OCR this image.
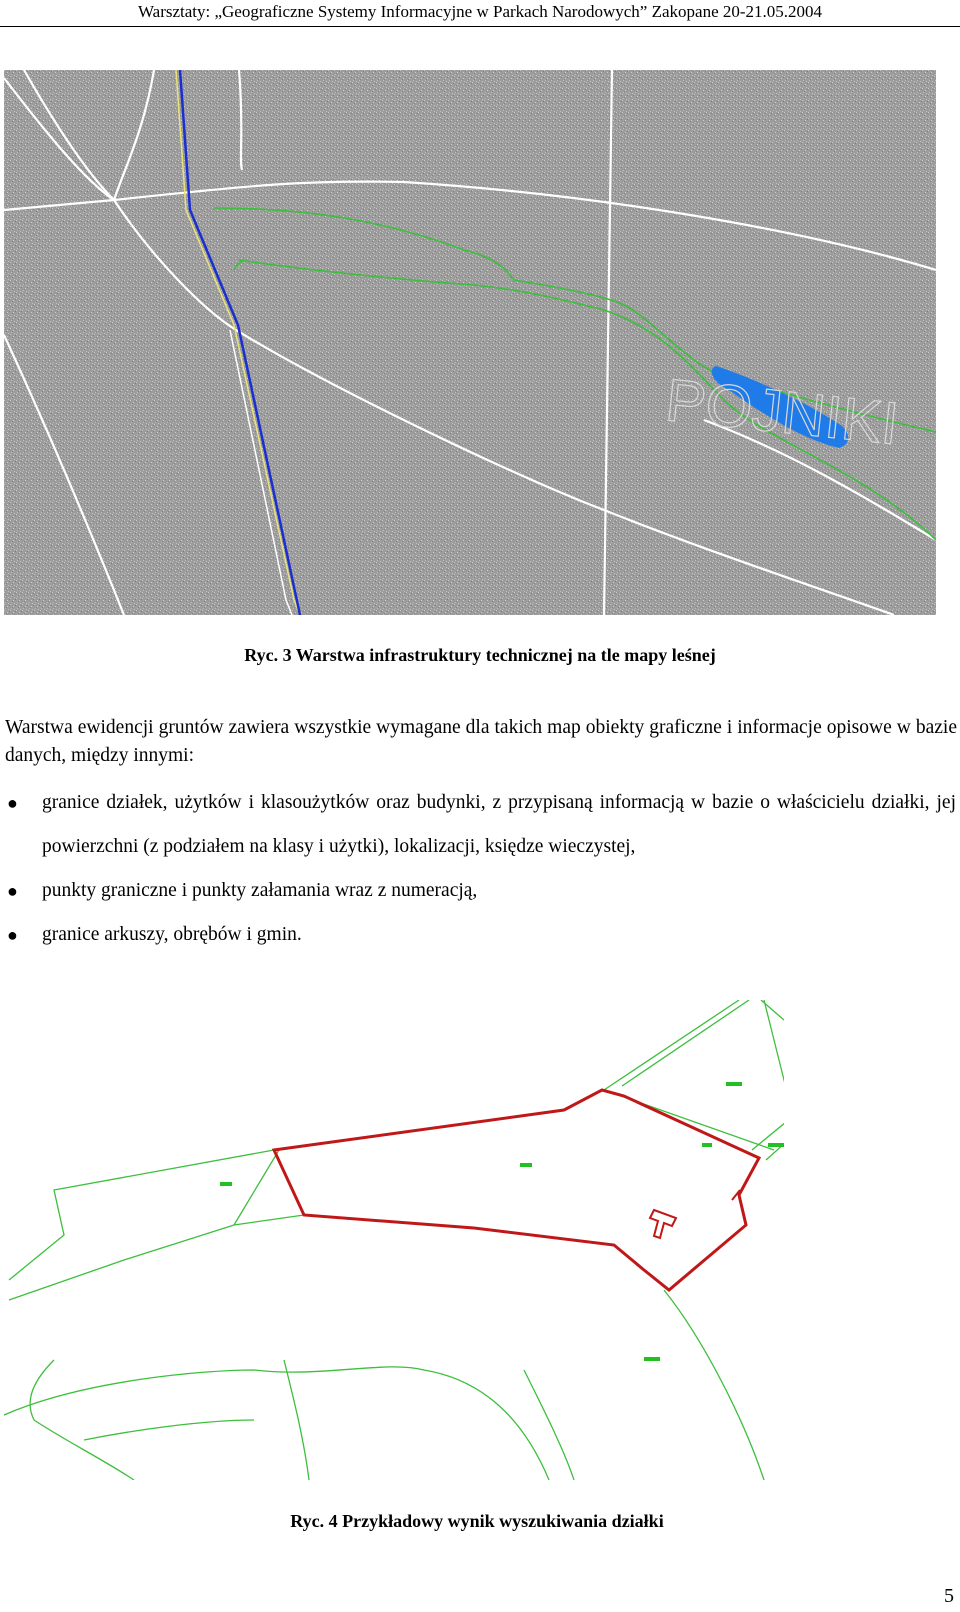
Warsztaty: „Geograficzne Systemy Informacyjne w Parkach Narodowych” Zakopane 20-21.05.2004
POJNIKI
Ryc. 3 Warstwa infrastruktury technicznej na tle mapy leśnej

Warstwa ewidencji gruntów zawiera wszystkie wymagane dla takich map obiekty graficzne i informacje opisowe w bazie danych, między innymi:

● granice działek, użytków i klasoużytków oraz budynki, z przypisaną informacją w bazie o właścicielu działki, jej powierzchni (z podziałem na klasy i użytki), lokalizacji, księdze wieczystej,
● punkty graniczne i punkty załamania wraz z numeracją,
● granice arkuszy, obrębów i gmin.
Ryc. 4 Przykładowy wynik wyszukiwania działki
5
